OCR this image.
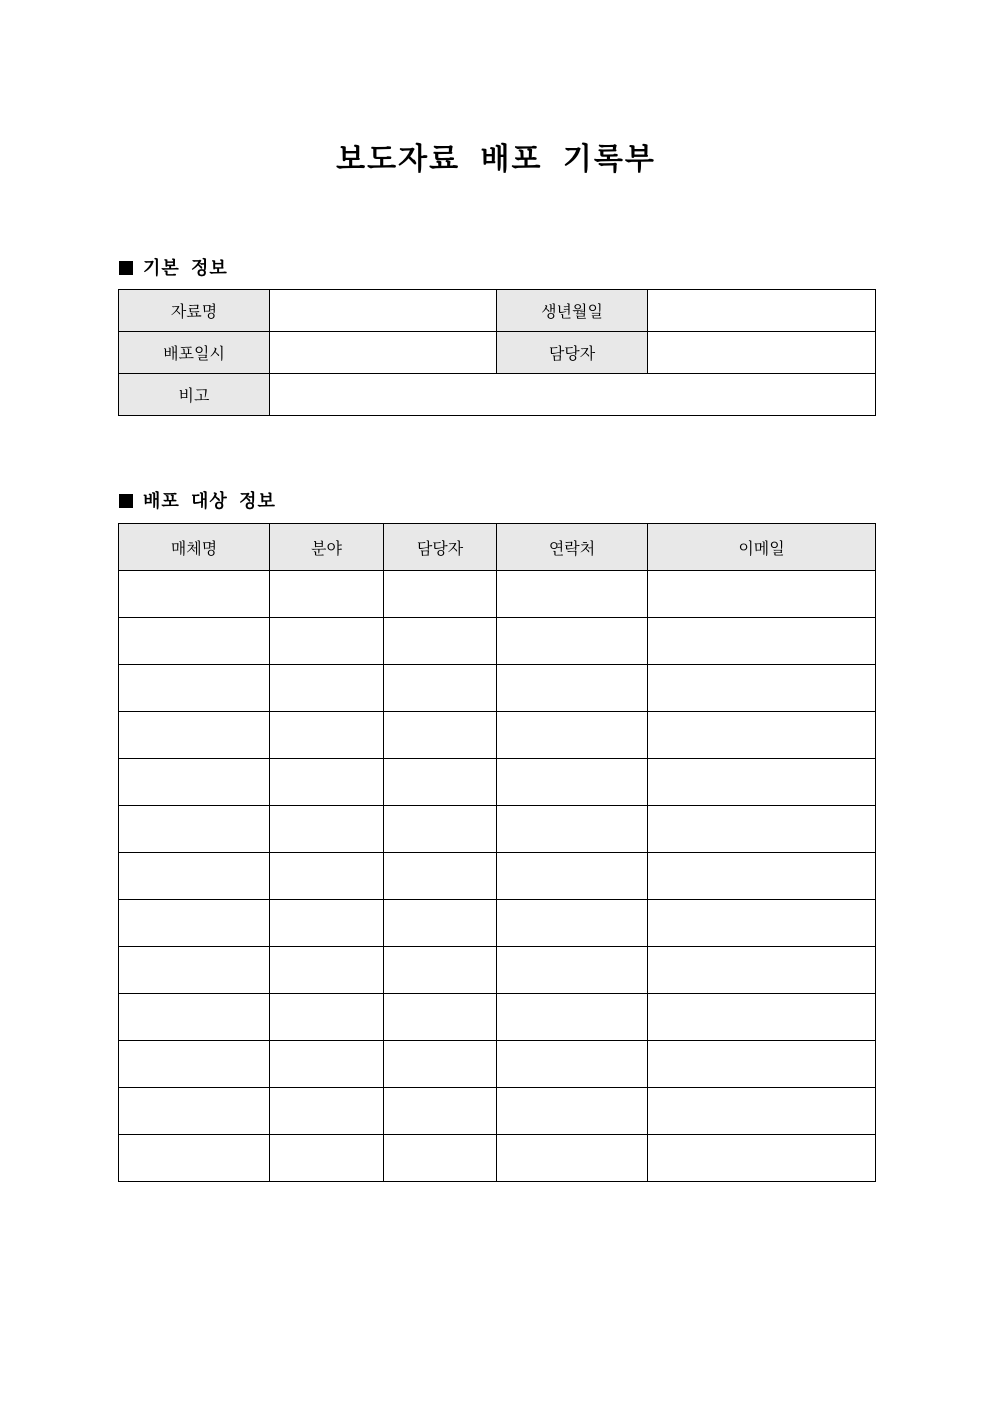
보도자료 배포 기록부
기본 정보
자료명		생년월일	
배포일시		담당자	
비고			
배포 대상 정보
매체명	분야	담당자	연락처	이메일
